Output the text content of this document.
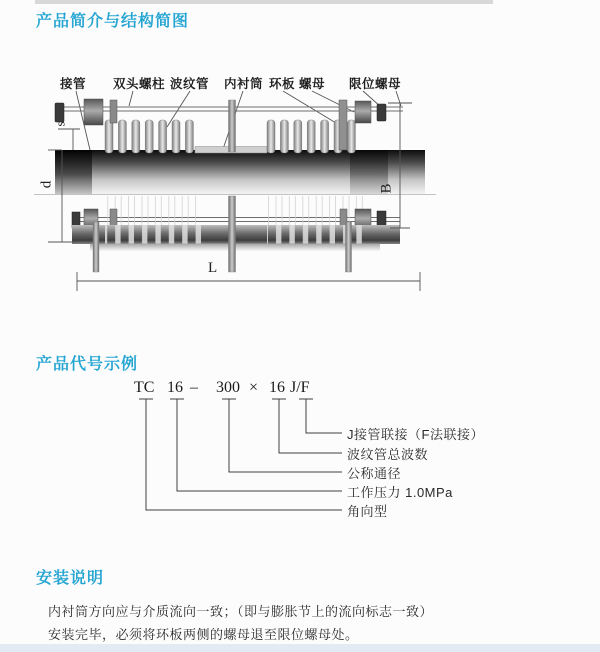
产品简介与结构简图
产品代号示例
安装说明
接管 双头螺柱 波纹管 内衬筒 环板 螺母 限位螺母
s
d	B
L
TC 16 – 300 × 16 J/F
J接管联接（F法联接）
波纹管总波数
公称通径
工作压力 1.0MPa
角向型
内衬筒方向应与介质流向一致；（即与膨胀节上的流向标志一致）
安装完毕，必须将环板两侧的螺母退至限位螺母处。
